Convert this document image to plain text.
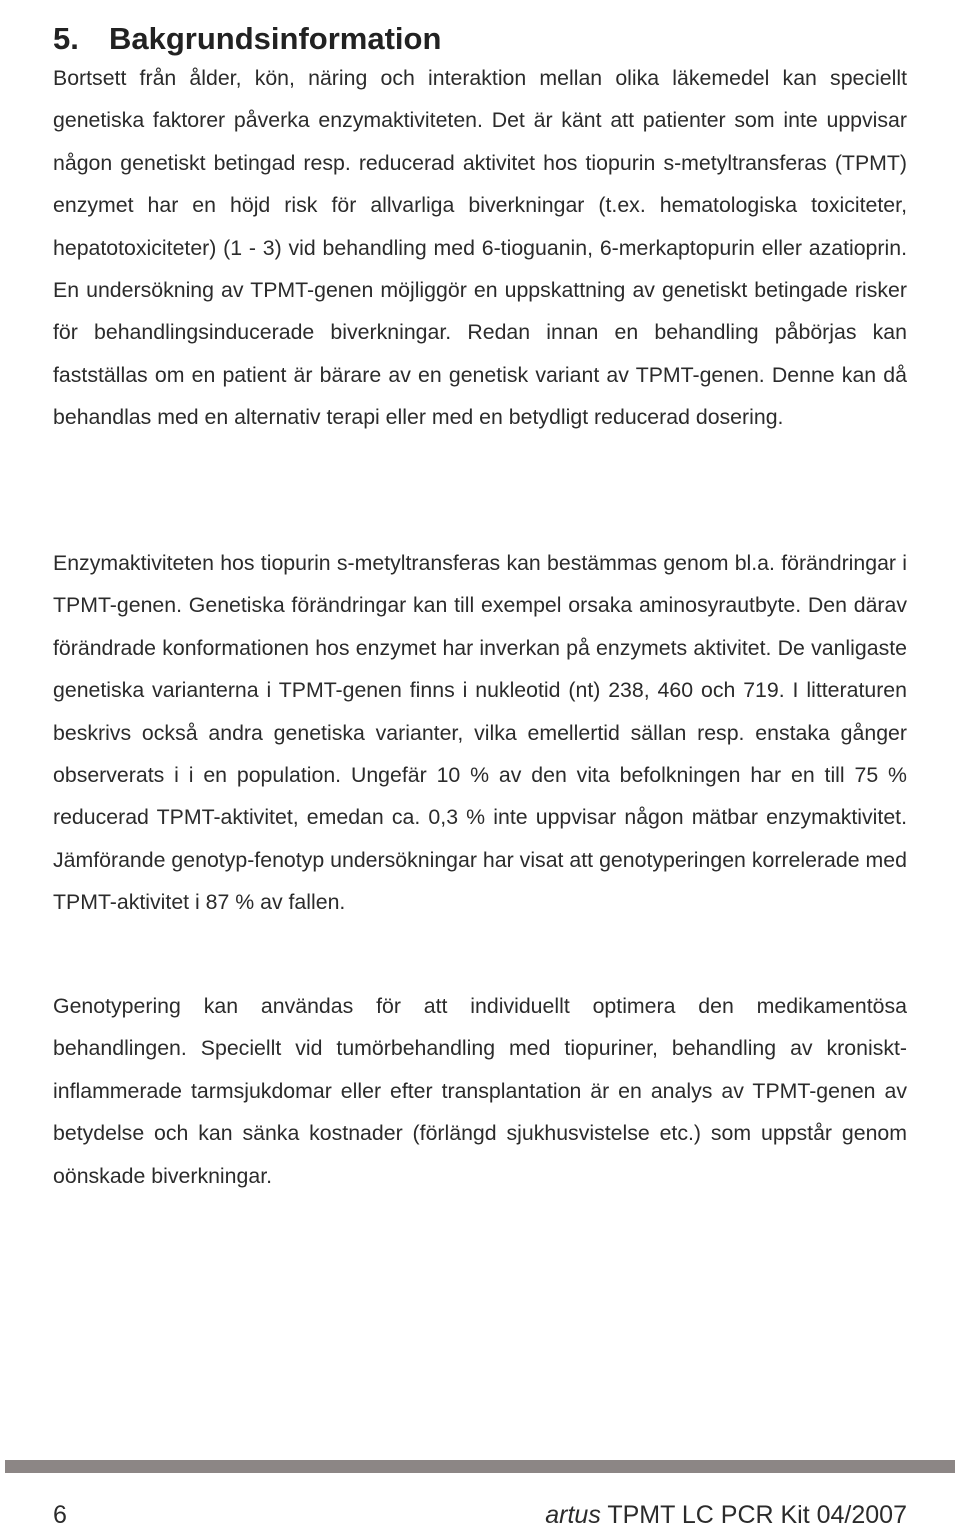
5. Bakgrundsinformation

Bortsett från ålder, kön, näring och interaktion mellan olika läkemedel kan speciellt genetiska faktorer påverka enzymaktiviteten. Det är känt att patienter som inte uppvisar någon genetiskt betingad resp. reducerad aktivitet hos tiopurin s-metyltransferas (TPMT) enzymet har en höjd risk för allvarliga biverkningar (t.ex. hematologiska toxiciteter, hepatotoxiciteter) (1 - 3) vid behandling med 6-tioguanin, 6-merkaptopurin eller azatioprin. En undersökning av TPMT-genen möjliggör en uppskattning av genetiskt betingade risker för behandlingsinducerade biverkningar. Redan innan en behandling påbörjas kan fastställas om en patient är bärare av en genetisk variant av TPMT-genen. Denne kan då behandlas med en alternativ terapi eller med en betydligt reducerad dosering.

Enzymaktiviteten hos tiopurin s-metyltransferas kan bestämmas genom bl.a. förändringar i TPMT-genen. Genetiska förändringar kan till exempel orsaka aminosyrautbyte. Den därav förändrade konformationen hos enzymet har inverkan på enzymets aktivitet. De vanligaste genetiska varianterna i TPMT-genen finns i nukleotid (nt) 238, 460 och 719. I litteraturen beskrivs också andra genetiska varianter, vilka emellertid sällan resp. enstaka gånger observerats i i en population. Ungefär 10 % av den vita befolkningen har en till 75 % reducerad TPMT-aktivitet, emedan ca. 0,3 % inte uppvisar någon mätbar enzymaktivitet. Jämförande genotyp-fenotyp undersökningar har visat att genotyperingen korrelerade med TPMT-aktivitet i 87 % av fallen.

Genotypering kan användas för att individuellt optimera den medikamentösa behandlingen. Speciellt vid tumörbehandling med tiopuriner, behandling av kroniskt-inflammerade tarmsjukdomar eller efter transplantation är en analys av TPMT-genen av betydelse och kan sänka kostnader (förlängd sjukhusvistelse etc.) som uppstår genom oönskade biverkningar.

6	artus TPMT LC PCR Kit 04/2007
